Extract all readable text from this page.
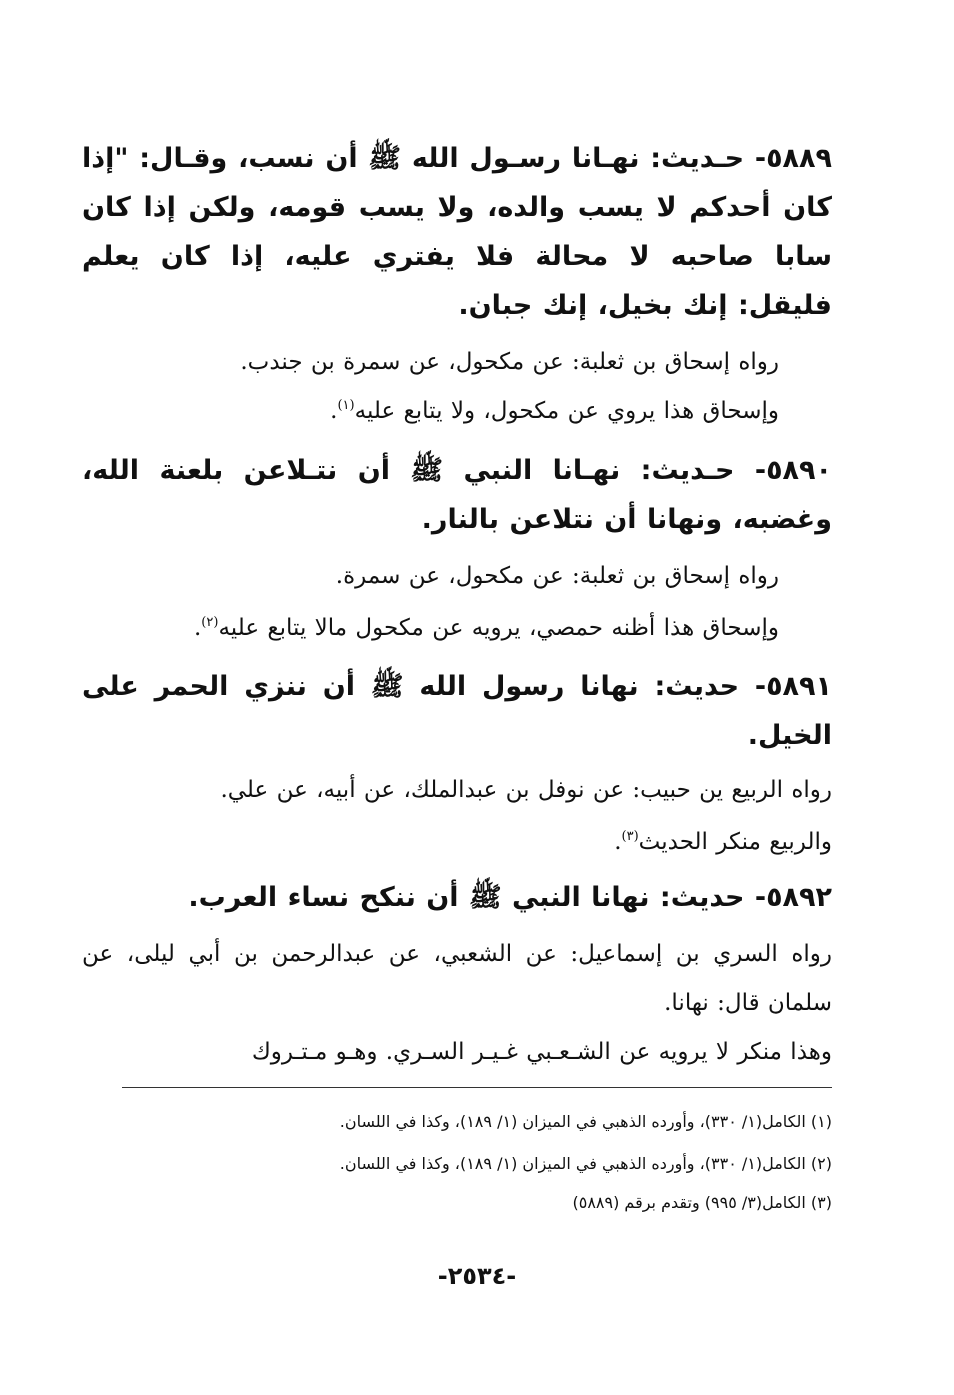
٥٨٨٩- حـديث: نهـانا رسـول الله ﷺ أن نسب، وقـال: "إذا كان أحدكم لا يسب والده، ولا يسب قومه، ولكن إذا كان سابا صاحبه لا محالة فلا يفتري عليه، إذا كان يعلم فليقل: إنك بخيل، إنك جبان.
رواه إسحاق بن ثعلبة: عن مكحول، عن سمرة بن جندب.
وإسحاق هذا يروي عن مكحول، ولا يتابع عليه$^{(١)}$.
٥٨٩٠- حـديث: نهـانا النبي ﷺ أن نتـلاعن بلعنة الله، وغضبه، ونهانا أن نتلاعن بالنار.
رواه إسحاق بن ثعلبة: عن مكحول، عن سمرة.
وإسحاق هذا أظنه حمصي، يرويه عن مكحول مالا يتابع عليه$^{(٢)}$.
٥٨٩١- حديث: نهانا رسول الله ﷺ أن ننزي الحمر على الخيل.
رواه الربيع ين حبيب: عن نوفل بن عبدالملك، عن أبيه، عن علي.
والربيع منكر الحديث$^{(٣)}$.
٥٨٩٢- حديث: نهانا النبي ﷺ أن ننكح نساء العرب.
رواه السري بن إسماعيل: عن الشعبي، عن عبدالرحمن بن أبي ليلى، عن سلمان قال: نهانا.
وهذا منكر لا يرويه عن الشـعـبي غـيـر السـري. وهـو مـتـروك
(١) الكامل(١/ ٣٣٠)، وأورده الذهبي في الميزان (١/ ١٨٩)، وكذا في اللسان.
(٢) الكامل(١/ ٣٣٠)، وأورده الذهبي في الميزان (١/ ١٨٩)، وكذا في اللسان.
(٣) الكامل(٣/ ٩٩٥) وتقدم برقم (٥٨٨٩)
-٢٥٣٤-
